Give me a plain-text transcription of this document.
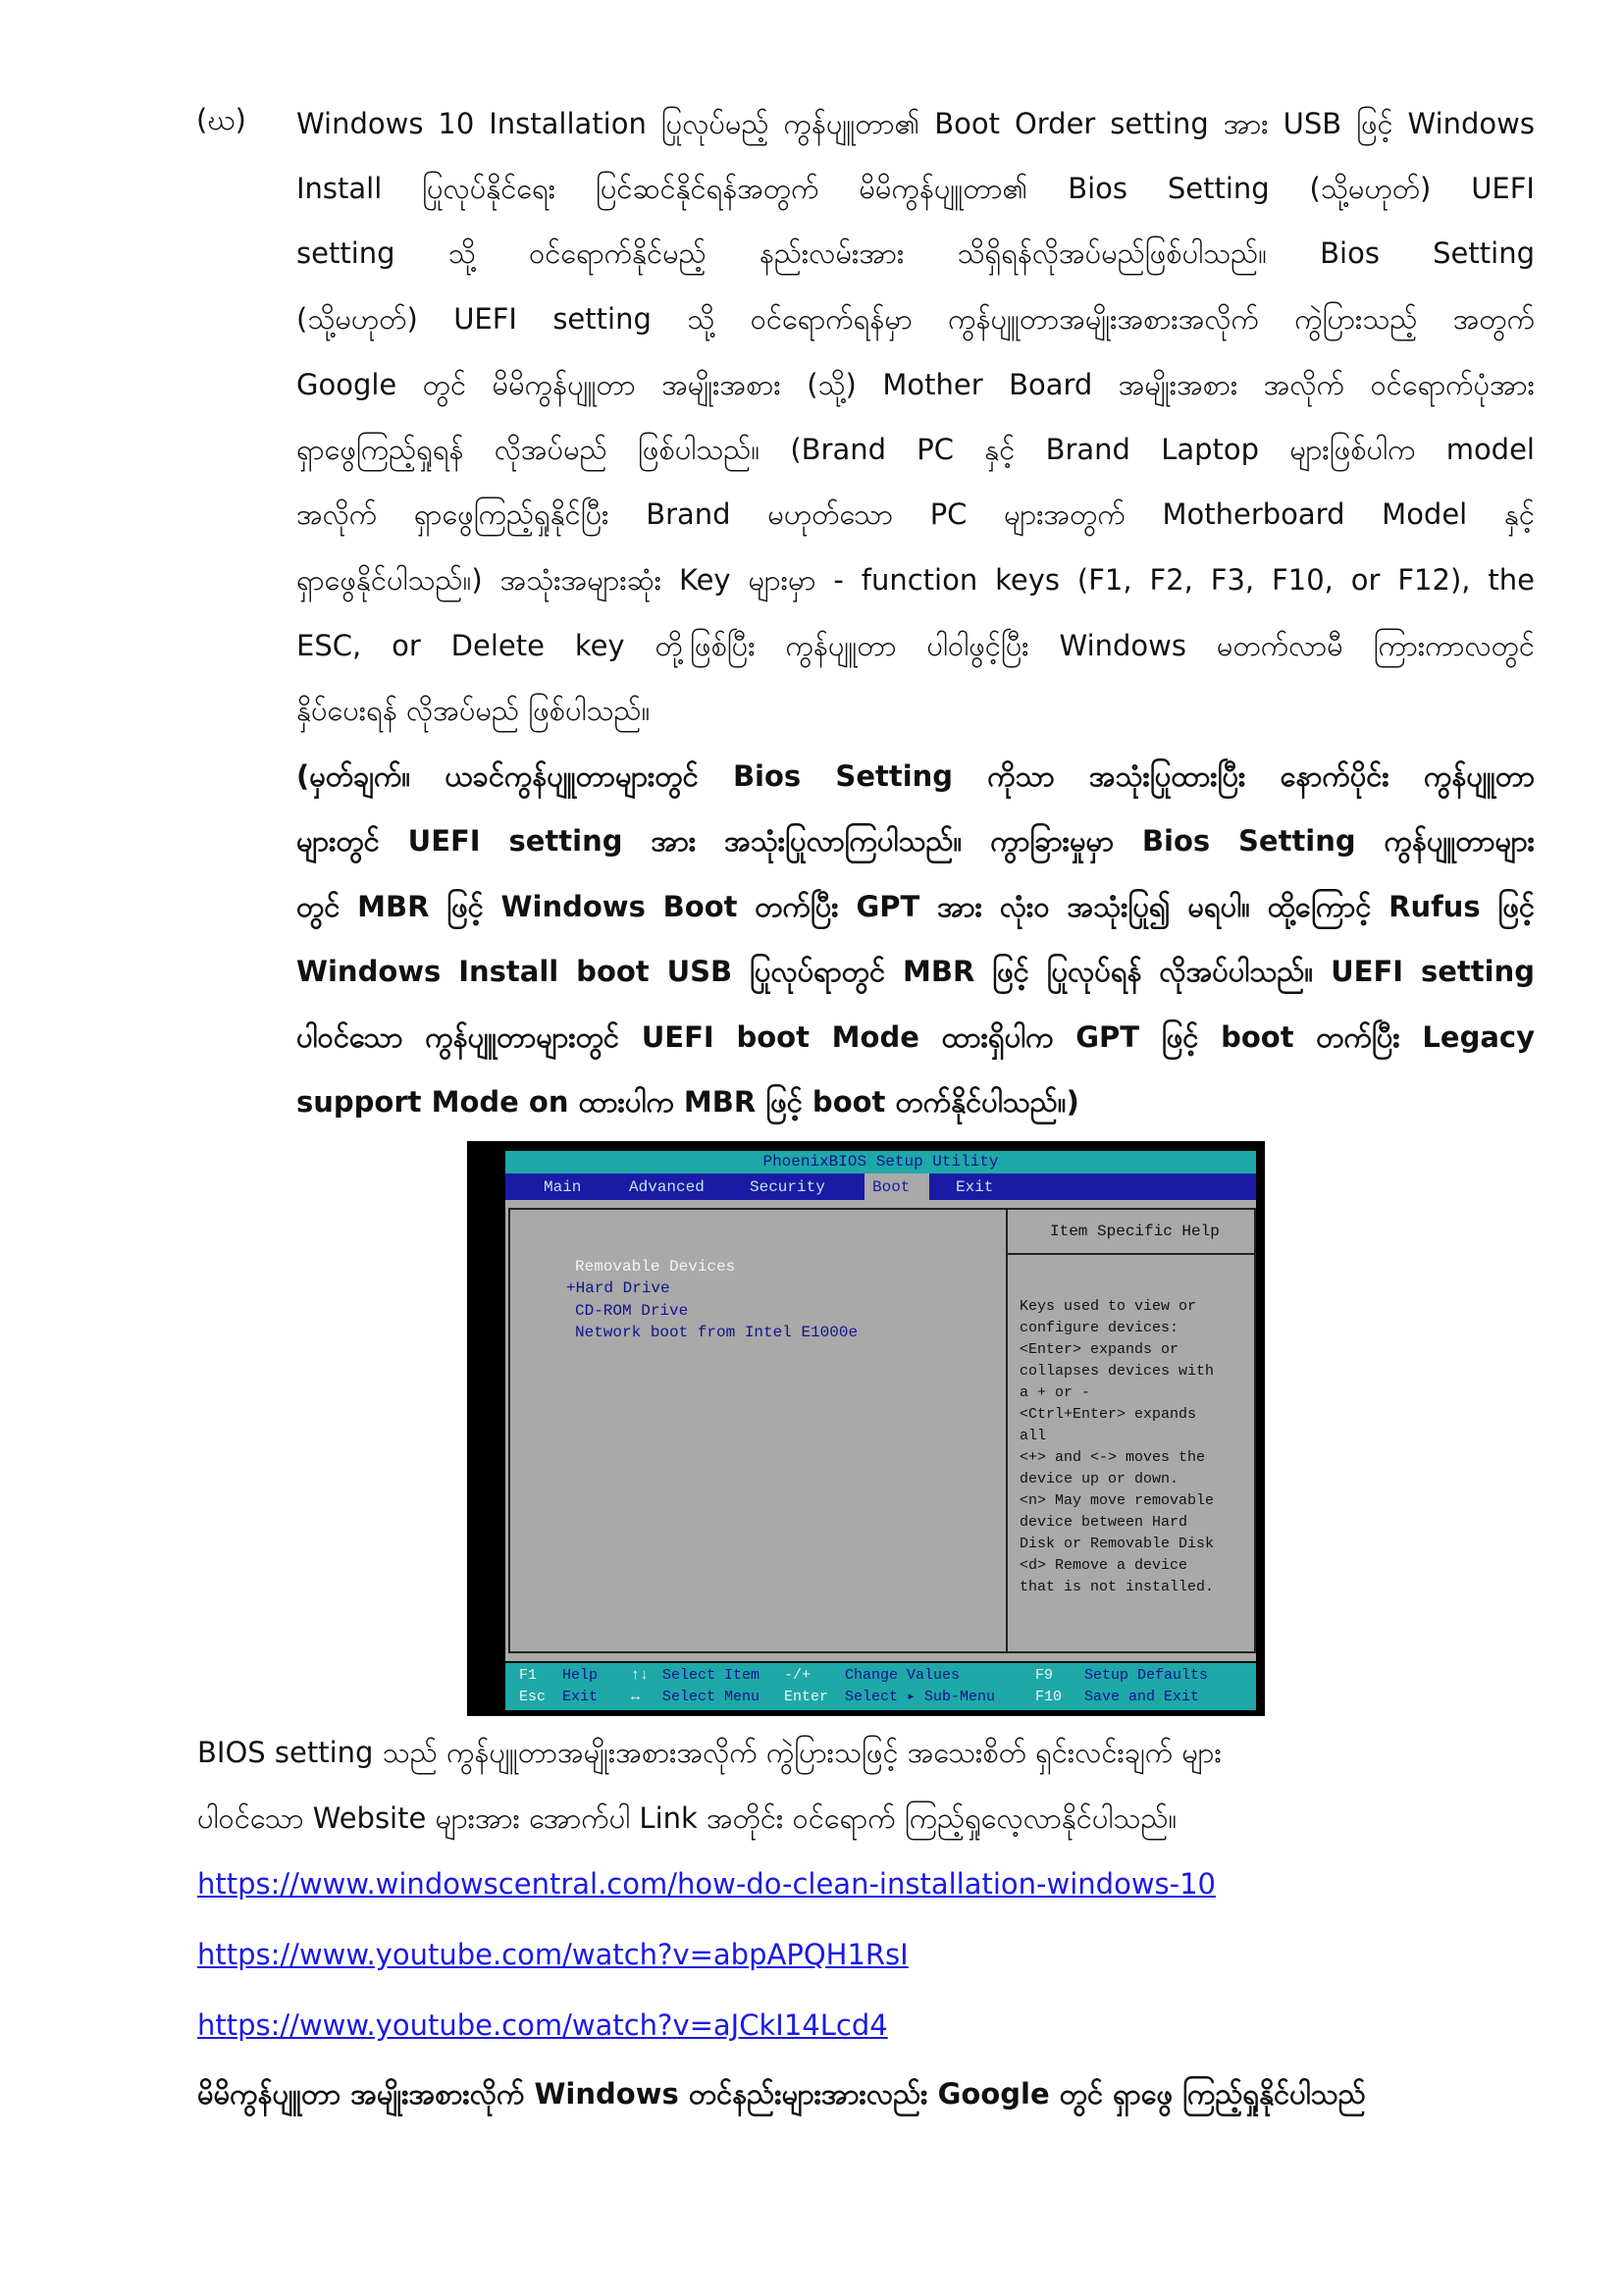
(ဃ) Windows 10 Installation ပြုလုပ်မည့် ကွန်ပျူတာ၏ Boot Order setting အား USB ဖြင့် Windows
Install ပြုလုပ်နိုင်ရေး ပြင်ဆင်နိုင်ရန်အတွက် မိမိကွန်ပျူတာ၏ Bios Setting (သို့မဟုတ်) UEFI
setting သို့ ဝင်ရောက်နိုင်မည့် နည်းလမ်းအား သိရှိရန်လိုအပ်မည်ဖြစ်ပါသည်။ Bios Setting
(သို့မဟုတ်) UEFI setting သို့ ဝင်ရောက်ရန်မှာ ကွန်ပျူတာအမျိုးအစားအလိုက် ကွဲပြားသည့် အတွက်
Google တွင် မိမိကွန်ပျူတာ အမျိုးအစား (သို့) Mother Board အမျိုးအစား အလိုက် ဝင်ရောက်ပုံအား
ရှာဖွေကြည့်ရှုရန် လိုအပ်မည် ဖြစ်ပါသည်။ (Brand PC နှင့် Brand Laptop များဖြစ်ပါက model
အလိုက် ရှာဖွေကြည့်ရှုနိုင်ပြီး Brand မဟုတ်သော PC များအတွက် Motherboard Model နှင့်
ရှာဖွေနိုင်ပါသည်။) အသုံးအများဆုံး Key များမှာ - function keys (F1, F2, F3, F10, or F12), the
ESC, or Delete key တို့ဖြစ်ပြီး ကွန်ပျူတာ ပါဝါဖွင့်ပြီး Windows မတက်လာမီ ကြားကာလတွင်
နှိပ်ပေးရန် လိုအပ်မည် ဖြစ်ပါသည်။
(မှတ်ချက်။ ယခင်ကွန်ပျူတာများတွင် Bios Setting ကိုသာ အသုံးပြုထားပြီး နောက်ပိုင်း ကွန်ပျူတာ
များတွင် UEFI setting အား အသုံးပြုလာကြပါသည်။ ကွာခြားမှုမှာ Bios Setting ကွန်ပျူတာများ
တွင် MBR ဖြင့် Windows Boot တက်ပြီး GPT အား လုံးဝ အသုံးပြု၍ မရပါ။ ထို့ကြောင့် Rufus ဖြင့်
Windows Install boot USB ပြုလုပ်ရာတွင် MBR ဖြင့် ပြုလုပ်ရန် လိုအပ်ပါသည်။ UEFI setting
ပါဝင်သော ကွန်ပျူတာများတွင် UEFI boot Mode ထားရှိပါက GPT ဖြင့် boot တက်ပြီး Legacy
support Mode on ထားပါက MBR ဖြင့် boot တက်နိုင်ပါသည်။)
PhoenixBIOS Setup Utility
Main	Advanced	Security	Boot	Exit
Item Specific Help
Removable Devices
+Hard Drive
CD-ROM Drive
Network boot from Intel E1000e
Keys used to view or
configure devices:
<Enter> expands or
collapses devices with
a + or -
<Ctrl+Enter> expands
all
<+> and <-> moves the
device up or down.
<n> May move removable
device between Hard
Disk or Removable Disk
<d> Remove a device
that is not installed.
F1 Help ↑↓ Select Item -/+ Change Values	F9 Setup Defaults
Esc Exit ↔ Select Menu Enter Select ▸ Sub-Menu	F10 Save and Exit
BIOS setting သည် ကွန်ပျူတာအမျိုးအစားအလိုက် ကွဲပြားသဖြင့် အသေးစိတ် ရှင်းလင်းချက် များ
ပါဝင်သော Website များအား အောက်ပါ Link အတိုင်း ဝင်ရောက် ကြည့်ရှုလေ့လာနိုင်ပါသည်။
https://www.windowscentral.com/how-do-clean-installation-windows-10
https://www.youtube.com/watch?v=abpAPQH1RsI
https://www.youtube.com/watch?v=aJCkI14Lcd4
မိမိကွန်ပျူတာ အမျိုးအစားလိုက် Windows တင်နည်းများအားလည်း Google တွင် ရှာဖွေ ကြည့်ရှုနိုင်ပါသည်
